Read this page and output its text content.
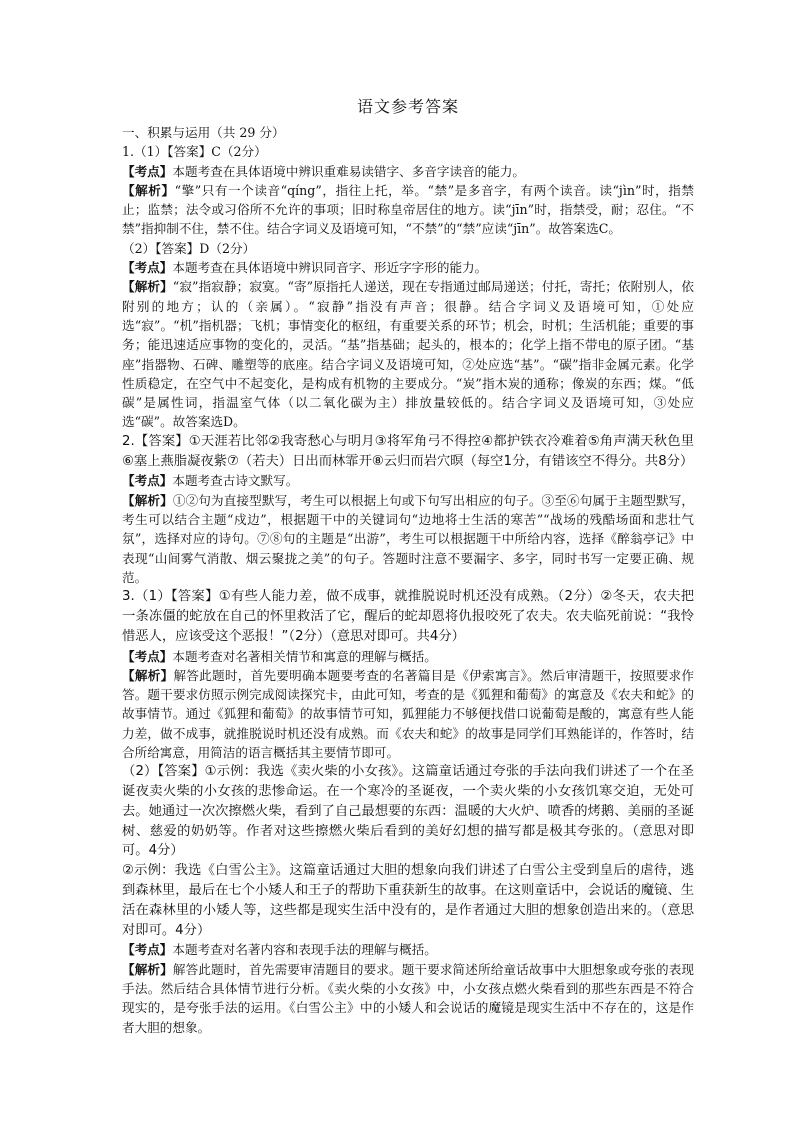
语文参考答案

一、积累与运用（共 29 分）

1.（1）【答案】C（2分）

【考点】本题考查在具体语境中辨识重难易读错字、多音字读音的能力。

【解析】“擎”只有一个读音“qíng”，指往上托，举。“禁”是多音字，有两个读音。读“jìn”时，指禁止；监禁；法令或习俗所不允许的事项；旧时称皇帝居住的地方。读“jīn”时，指禁受，耐；忍住。“不禁”指抑制不住，禁不住。结合字词义及语境可知，“不禁”的“禁”应读“jīn”。故答案选C。

（2）【答案】D（2分）

【考点】本题考查在具体语境中辨识同音字、形近字字形的能力。

【解析】“寂”指寂静；寂寞。“寄”原指托人递送，现在专指通过邮局递送；付托，寄托；依附别人，依附别的地方；认的（亲属）。“寂静”指没有声音；很静。结合字词义及语境可知，①处应选“寂”。“机”指机器；飞机；事情变化的枢纽，有重要关系的环节；机会，时机；生活机能；重要的事务；能迅速适应事物的变化的，灵活。“基”指基础；起头的，根本的；化学上指不带电的原子团。“基座”指器物、石碑、雕塑等的底座。结合字词义及语境可知，②处应选“基”。“碳”指非金属元素。化学性质稳定，在空气中不起变化，是构成有机物的主要成分。“炭”指木炭的通称；像炭的东西；煤。“低碳”是属性词，指温室气体（以二氧化碳为主）排放量较低的。结合字词义及语境可知，③处应选“碳”。故答案选D。

2.【答案】①天涯若比邻②我寄愁心与明月③将军角弓不得控④都护铁衣冷难着⑤角声满天秋色里⑥塞上燕脂凝夜紫⑦（若夫）日出而林霏开⑧云归而岩穴暝（每空1分，有错该空不得分。共8分）

【考点】本题考查古诗文默写。

【解析】①②句为直接型默写，考生可以根据上句或下句写出相应的句子。③至⑥句属于主题型默写，考生可以结合主题“戍边”，根据题干中的关键词句“边地将士生活的寒苦”“战场的残酷场面和悲壮气氛”，选择对应的诗句。⑦⑧句的主题是“出游”，考生可以根据题干中所给内容，选择《醉翁亭记》中表现“山间雾气消散、烟云聚拢之美”的句子。答题时注意不要漏字、多字，同时书写一定要正确、规范。

3.（1）【答案】①有些人能力差，做不成事，就推脱说时机还没有成熟。（2分）②冬天，农夫把一条冻僵的蛇放在自己的怀里救活了它，醒后的蛇却恩将仇报咬死了农夫。农夫临死前说：“我怜惜恶人，应该受这个恶报！”（2分）（意思对即可。共4分）

【考点】本题考查对名著相关情节和寓意的理解与概括。

【解析】解答此题时，首先要明确本题要考查的名著篇目是《伊索寓言》。然后审清题干，按照要求作答。题干要求仿照示例完成阅读探究卡，由此可知，考查的是《狐狸和葡萄》的寓意及《农夫和蛇》的故事情节。通过《狐狸和葡萄》的故事情节可知，狐狸能力不够便找借口说葡萄是酸的，寓意有些人能力差，做不成事，就推脱说时机还没有成熟。而《农夫和蛇》的故事是同学们耳熟能详的，作答时，结合所给寓意，用简洁的语言概括其主要情节即可。

（2）【答案】①示例：我选《卖火柴的小女孩》。这篇童话通过夸张的手法向我们讲述了一个在圣诞夜卖火柴的小女孩的悲惨命运。在一个寒冷的圣诞夜，一个卖火柴的小女孩饥寒交迫，无处可去。她通过一次次擦燃火柴，看到了自己最想要的东西：温暖的大火炉、喷香的烤鹅、美丽的圣诞树、慈爱的奶奶等。作者对这些擦燃火柴后看到的美好幻想的描写都是极其夸张的。（意思对即可。4分）

②示例：我选《白雪公主》。这篇童话通过大胆的想象向我们讲述了白雪公主受到皇后的虐待，逃到森林里，最后在七个小矮人和王子的帮助下重获新生的故事。在这则童话中，会说话的魔镜、生活在森林里的小矮人等，这些都是现实生活中没有的，是作者通过大胆的想象创造出来的。（意思对即可。4分）

【考点】本题考查对名著内容和表现手法的理解与概括。

【解析】解答此题时，首先需要审清题目的要求。题干要求简述所给童话故事中大胆想象或夸张的表现手法。然后结合具体情节进行分析。《卖火柴的小女孩》中，小女孩点燃火柴看到的那些东西是不符合现实的，是夸张手法的运用。《白雪公主》中的小矮人和会说话的魔镜是现实生活中不存在的，这是作者大胆的想象。
